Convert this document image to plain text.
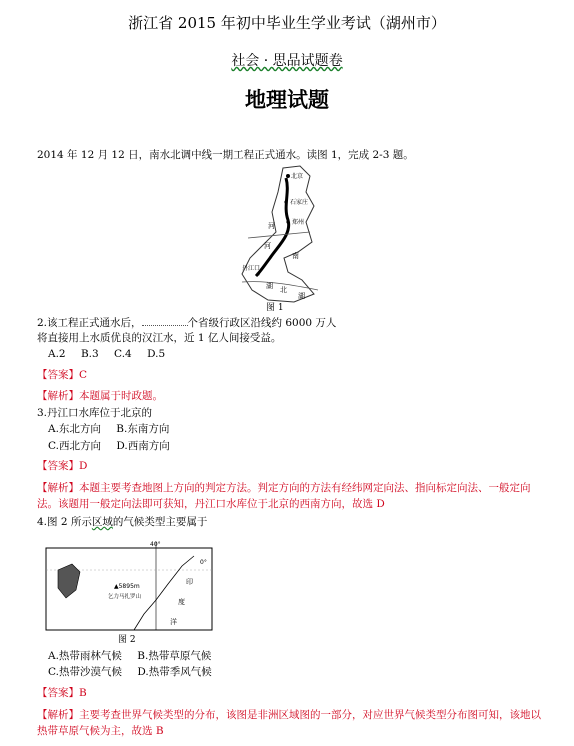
浙江省 2015 年初中毕业生学业考试（湖州市）
社会 · 思品试题卷
地理试题
2014 年 12 月 12 日，南水北调中线一期工程正式通水。读图 1，完成 2-3 题。
北京
石家庄
郑州
丹江口
湖 北
南
河
河
湖
图 1
2.该工程正式通水后，	个省级行政区沿线约 6000 万人
将直接用上水质优良的汉江水，近 1 亿人间接受益。
A.2 B.3 C.4 D.5
【答案】C
【解析】本题属于时政题。
3.丹江口水库位于北京的
A.东北方向 B.东南方向
C.西北方向 D.西南方向
【答案】D
【解析】本题主要考查地图上方向的判定方法。判定方向的方法有经纬网定向法、指向标定向法、一般定向法。该题用一般定向法即可获知，丹江口水库位于北京的西南方向，故选 D
4.图 2 所示区域的气候类型主要属于
40°
0°
▲5895m
乞力马扎罗山
印
度
洋
图 2
A.热带雨林气候 B.热带草原气候
C.热带沙漠气候 D.热带季风气候
【答案】B
【解析】主要考查世界气候类型的分布，该图是非洲区域图的一部分，对应世界气候类型分布图可知，该地以热带草原气候为主，故选 B
